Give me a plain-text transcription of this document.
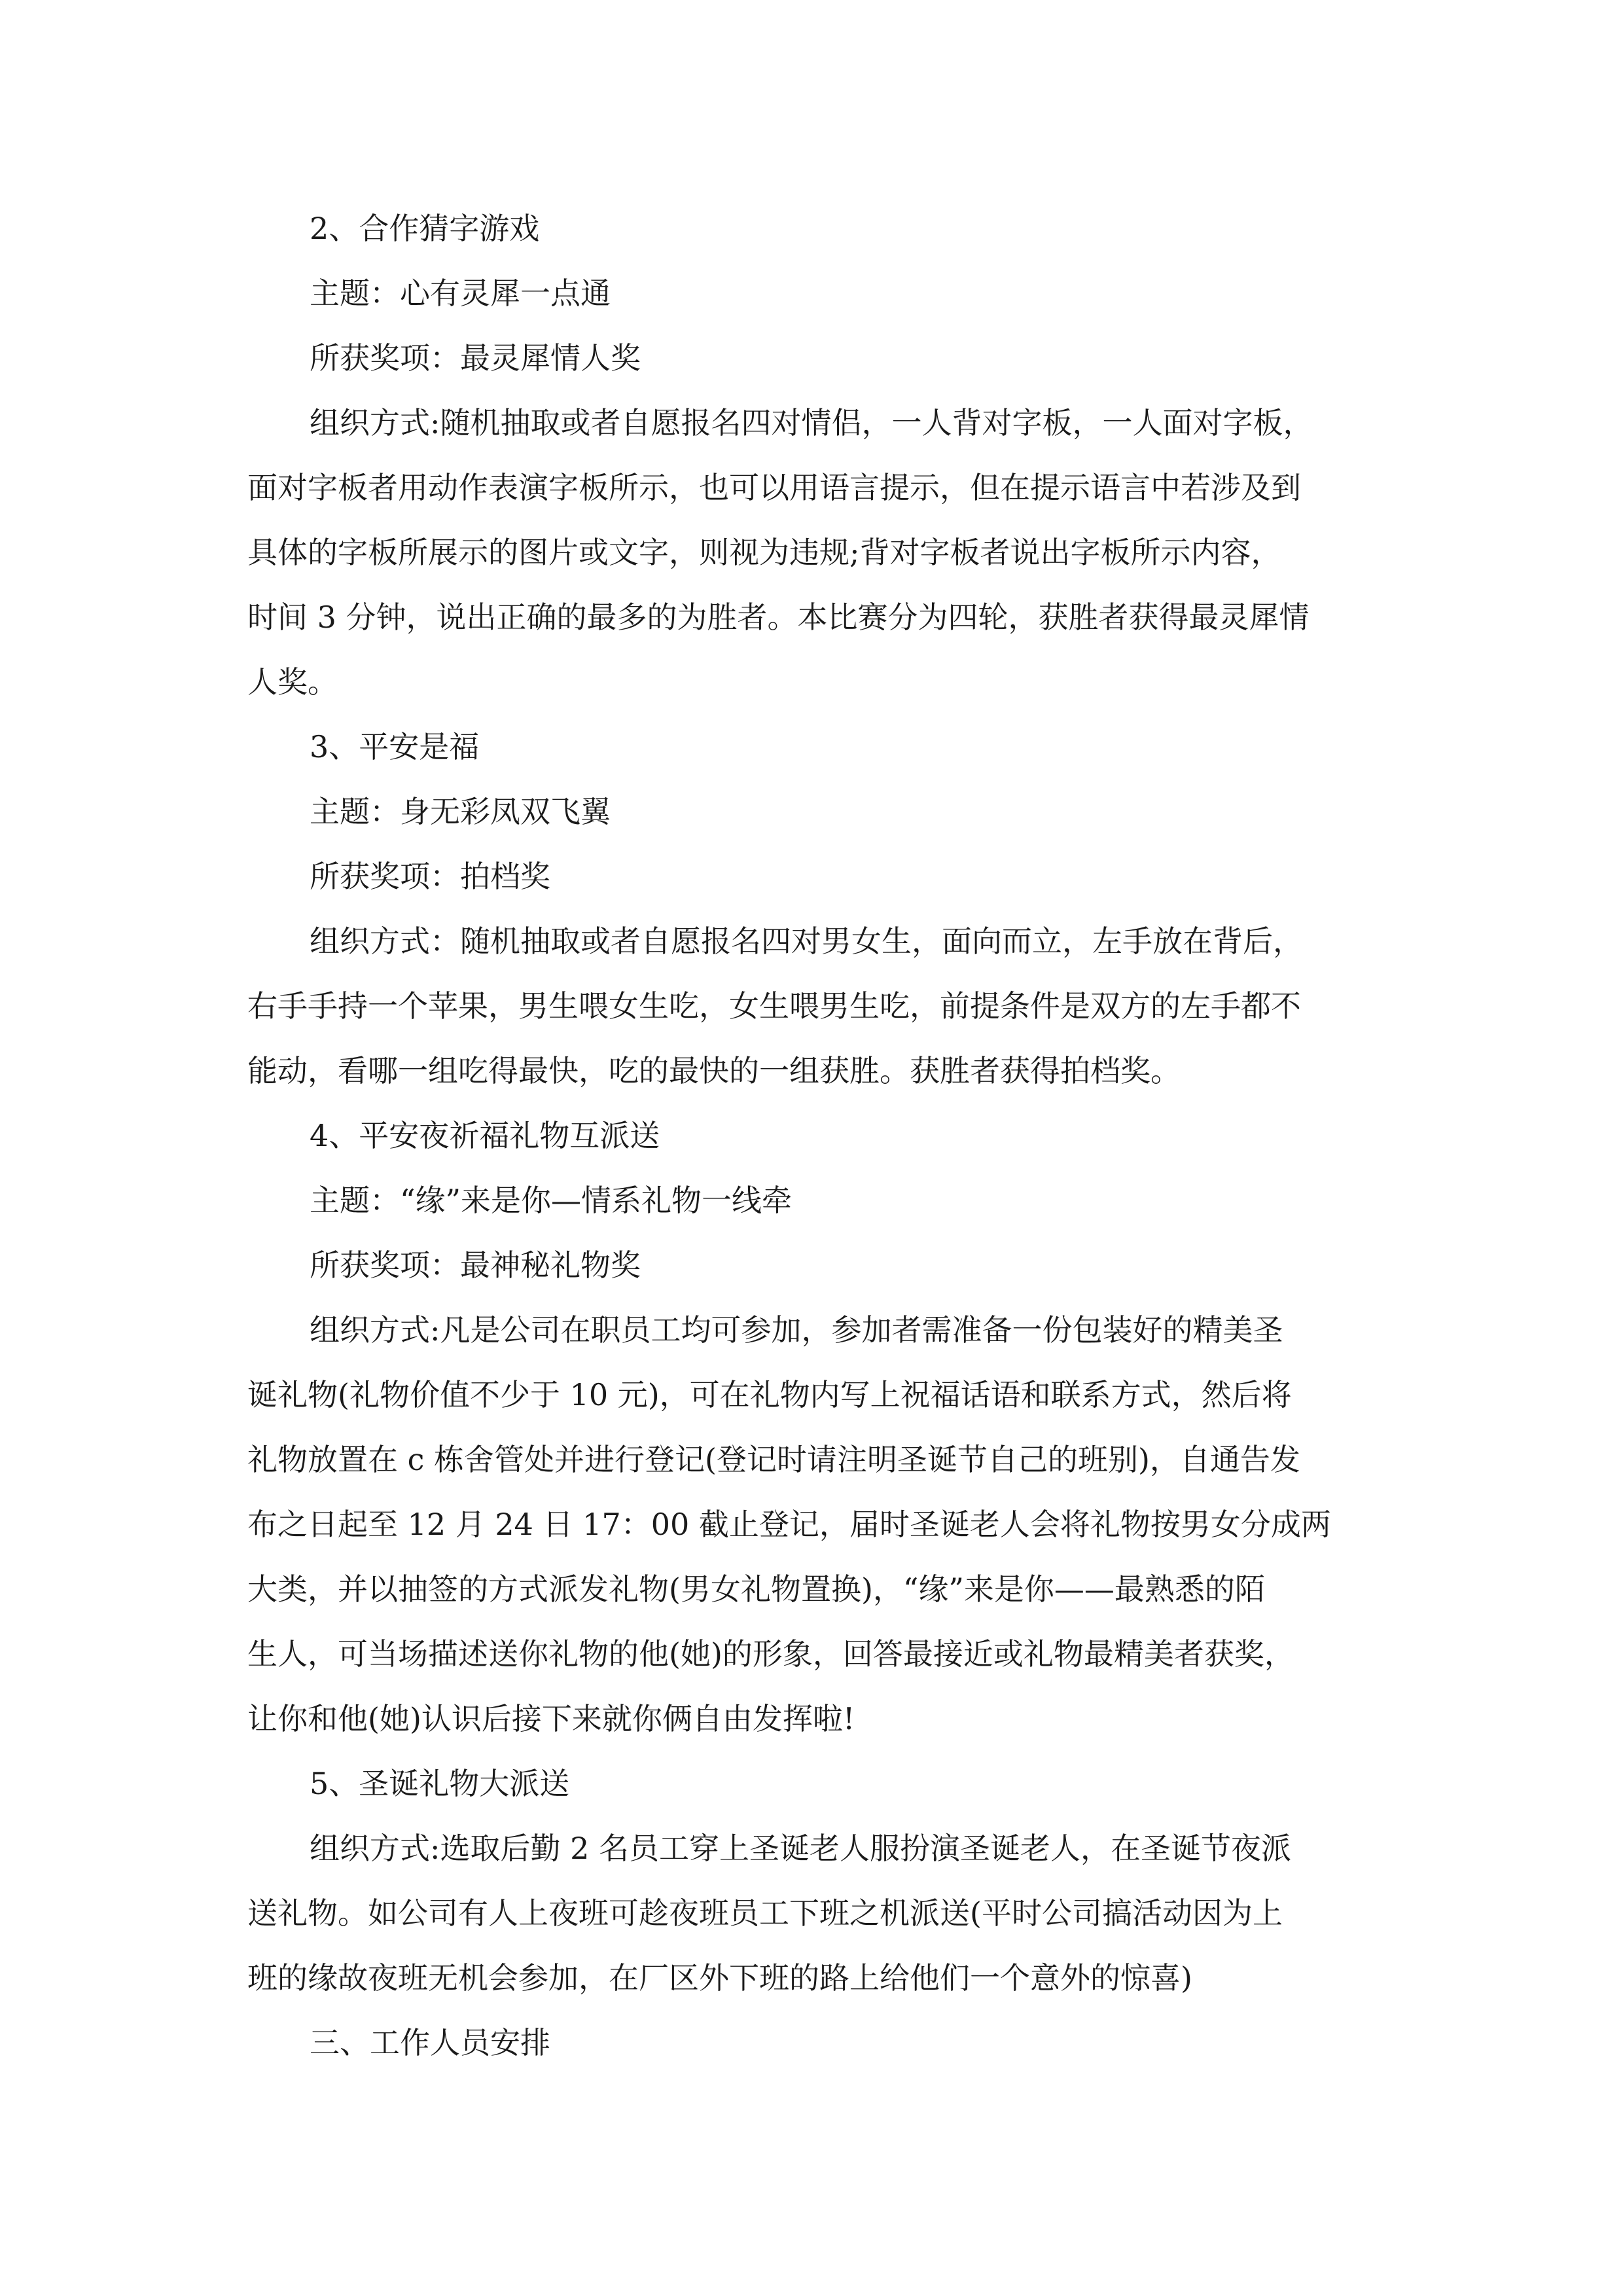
2、合作猜字游戏
主题：心有灵犀一点通
所获奖项：最灵犀情人奖
组织方式:随机抽取或者自愿报名四对情侣，一人背对字板，一人面对字板，
面对字板者用动作表演字板所示，也可以用语言提示，但在提示语言中若涉及到
具体的字板所展示的图片或文字，则视为违规;背对字板者说出字板所示内容，
时间 3 分钟，说出正确的最多的为胜者。本比赛分为四轮，获胜者获得最灵犀情
人奖。
3、平安是福
主题：身无彩凤双飞翼
所获奖项：拍档奖
组织方式：随机抽取或者自愿报名四对男女生，面向而立，左手放在背后，
右手手持一个苹果，男生喂女生吃，女生喂男生吃，前提条件是双方的左手都不
能动，看哪一组吃得最快，吃的最快的一组获胜。获胜者获得拍档奖。
4、平安夜祈福礼物互派送
主题：“缘”来是你—情系礼物一线牵
所获奖项：最神秘礼物奖
组织方式:凡是公司在职员工均可参加，参加者需准备一份包装好的精美圣
诞礼物(礼物价值不少于 10 元)，可在礼物内写上祝福话语和联系方式，然后将
礼物放置在 c 栋舍管处并进行登记(登记时请注明圣诞节自己的班别)，自通告发
布之日起至 12 月 24 日 17：00 截止登记，届时圣诞老人会将礼物按男女分成两
大类，并以抽签的方式派发礼物(男女礼物置换)，“缘”来是你——最熟悉的陌
生人，可当场描述送你礼物的他(她)的形象，回答最接近或礼物最精美者获奖，
让你和他(她)认识后接下来就你俩自由发挥啦!
5、圣诞礼物大派送
组织方式:选取后勤 2 名员工穿上圣诞老人服扮演圣诞老人，在圣诞节夜派
送礼物。如公司有人上夜班可趁夜班员工下班之机派送(平时公司搞活动因为上
班的缘故夜班无机会参加，在厂区外下班的路上给他们一个意外的惊喜)
三、工作人员安排
